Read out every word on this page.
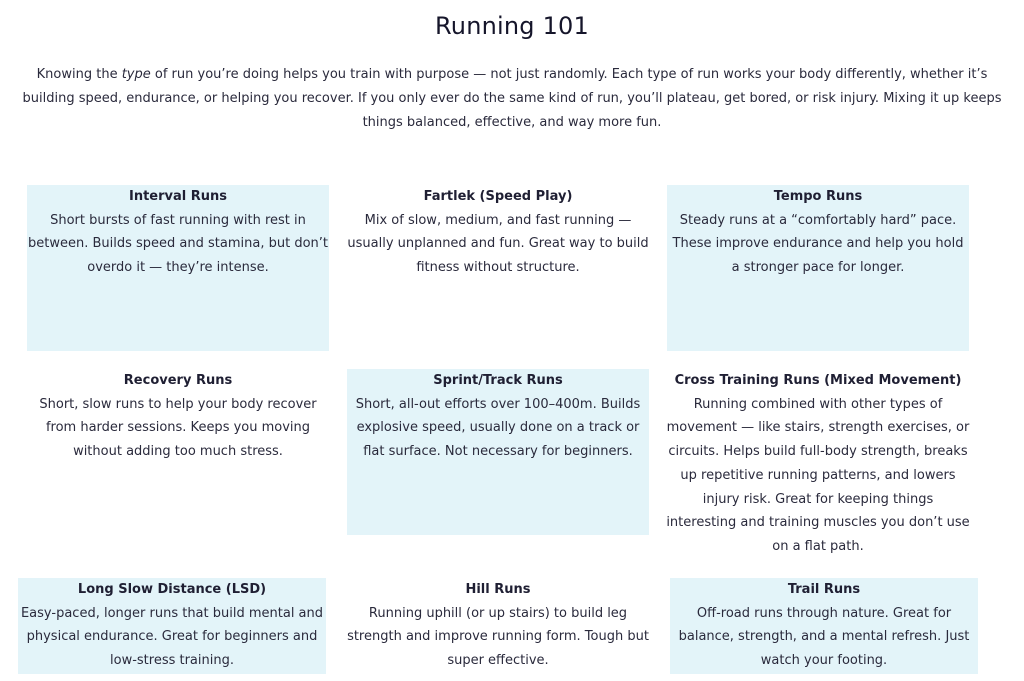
Running 101

Knowing the type of run you’re doing helps you train with purpose — not just randomly. Each type of run works your body differently, whether it’s building speed, endurance, or helping you recover. If you only ever do the same kind of run, you’ll plateau, get bored, or risk injury. Mixing it up keeps things balanced, effective, and way more fun.

Interval Runs
Short bursts of fast running with rest in between. Builds speed and stamina, but don’t overdo it — they’re intense.
Fartlek (Speed Play)
Mix of slow, medium, and fast running — usually unplanned and fun. Great way to build fitness without structure.
Tempo Runs
Steady runs at a “comfortably hard” pace. These improve endurance and help you hold a stronger pace for longer.
Recovery Runs
Short, slow runs to help your body recover from harder sessions. Keeps you moving without adding too much stress.
Sprint/Track Runs
Short, all-out efforts over 100–400m. Builds explosive speed, usually done on a track or flat surface. Not necessary for beginners.
Cross Training Runs (Mixed Movement)
Running combined with other types of movement — like stairs, strength exercises, or circuits. Helps build full-body strength, breaks up repetitive running patterns, and lowers injury risk. Great for keeping things interesting and training muscles you don’t use on a flat path.
Long Slow Distance (LSD)
Easy-paced, longer runs that build mental and physical endurance. Great for beginners and low-stress training.
Hill Runs
Running uphill (or up stairs) to build leg strength and improve running form. Tough but super effective.
Trail Runs
Off-road runs through nature. Great for balance, strength, and a mental refresh. Just watch your footing.
